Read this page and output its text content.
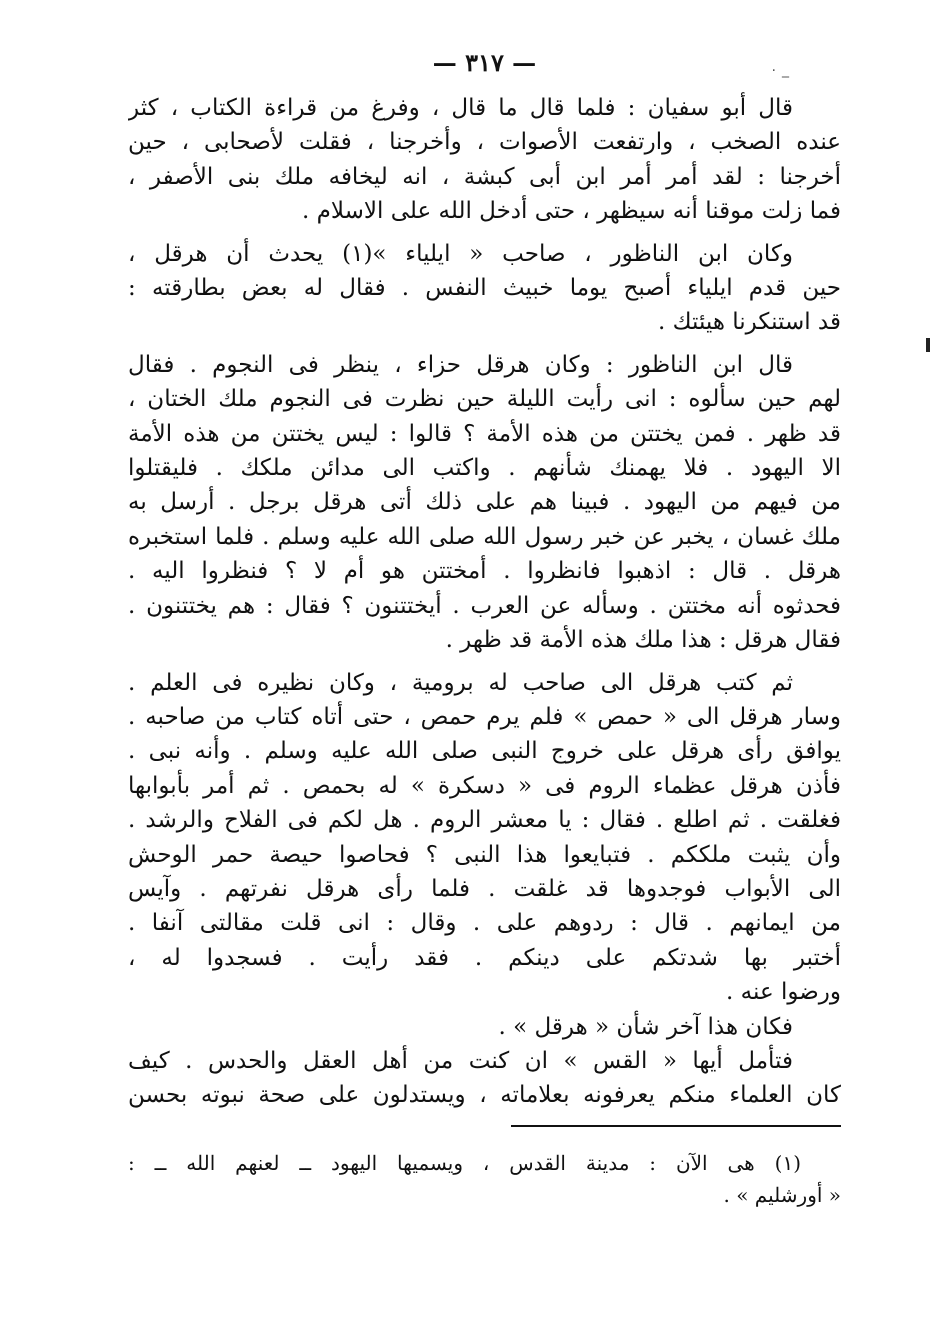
٠ _
— ٣١٧ —
قال أبو سفيان : فلما قال ما قال ، وفرغ من قراءة الكتاب ، كثر
عنده الصخب ، وارتفعت الأصوات ، وأخرجنا ، فقلت لأصحابى ، حين
أخرجنا : لقد أمر أمر ابن أبى كبشة ، انه ليخافه ملك بنى الأصفر ،
فما زلت موقنا أنه سيظهر ، حتى أدخل الله على الاسلام .
وكان ابن الناظور ، صاحب « ايلياء »(١) يحدث أن هرقل ،
حين قدم ايلياء أصبح يوما خبيث النفس . فقال له بعض بطارقته :
قد استنكرنا هيئتك .
قال ابن الناظور : وكان هرقل حزاء ، ينظر فى النجوم . فقال
لهم حين سألوه : انى رأيت الليلة حين نظرت فى النجوم ملك الختان ،
قد ظهر . فمن يختتن من هذه الأمة ؟ قالوا : ليس يختتن من هذه الأمة
الا اليهود . فلا يهمنك شأنهم . واكتب الى مدائن ملكك . فليقتلوا
من فيهم من اليهود . فبينا هم على ذلك أتى هرقل برجل . أرسل به
ملك غسان ، يخبر عن خبر رسول الله صلى الله عليه وسلم . فلما استخبره
هرقل . قال : اذهبوا فانظروا . أمختتن هو أم لا ؟ فنظروا اليه .
فحدثوه أنه مختتن . وسأله عن العرب . أيختتنون ؟ فقال : هم يختتنون .
فقال هرقل : هذا ملك هذه الأمة قد ظهر .
ثم كتب هرقل الى صاحب له برومية ، وكان نظيره فى العلم .
وسار هرقل الى « حمص » فلم يرم حمص ، حتى أتاه كتاب من صاحبه .
يوافق رأى هرقل على خروج النبى صلى الله عليه وسلم . وأنه نبى .
فأذن هرقل عظماء الروم فى « دسكرة » له بحمص . ثم أمر بأبوابها
فغلقت . ثم اطلع . فقال : يا معشر الروم . هل لكم فى الفلاح والرشد .
وأن يثبت ملككم . فتبايعوا هذا النبى ؟ فحاصوا حيصة حمر الوحش
الى الأبواب فوجدوها قد غلقت . فلما رأى هرقل نفرتهم . وآيس
من ايمانهم . قال : ردوهم على . وقال : انى قلت مقالتى آنفا .
أختبر بها شدتكم على دينكم . فقد رأيت . فسجدوا له ،
ورضوا عنه .
فكان هذا آخر شأن « هرقل » .
فتأمل أيها « القس » ان كنت من أهل العقل والحدس . كيف
كان العلماء منكم يعرفونه بعلاماته ، ويستدلون على صحة نبوته بحسن
(١) هى الآن : مدينة القدس ، ويسميها اليهود ــ لعنهم الله ــ :
« أورشليم » .
